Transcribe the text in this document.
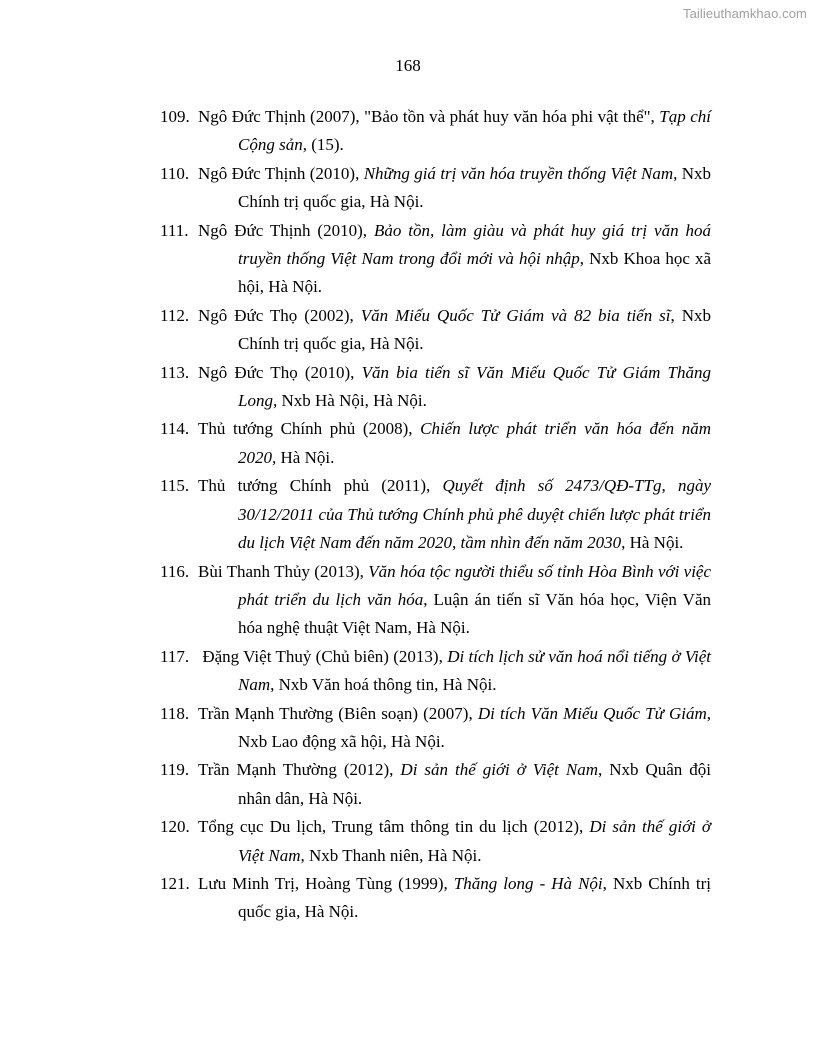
Tailieuthamkhao.com
168
109. Ngô Đức Thịnh (2007), "Bảo tồn và phát huy văn hóa phi vật thể", Tạp chí Cộng sản, (15).
110. Ngô Đức Thịnh (2010), Những giá trị văn hóa truyền thống Việt Nam, Nxb Chính trị quốc gia, Hà Nội.
111. Ngô Đức Thịnh (2010), Bảo tồn, làm giàu và phát huy giá trị văn hoá truyền thống Việt Nam trong đổi mới và hội nhập, Nxb Khoa học xã hội, Hà Nội.
112. Ngô Đức Thọ (2002), Văn Miếu Quốc Tử Giám và 82 bia tiến sĩ, Nxb Chính trị quốc gia, Hà Nội.
113. Ngô Đức Thọ (2010), Văn bia tiến sĩ Văn Miếu Quốc Tử Giám Thăng Long, Nxb Hà Nội, Hà Nội.
114. Thủ tướng Chính phủ (2008), Chiến lược phát triển văn hóa đến năm 2020, Hà Nội.
115. Thủ tướng Chính phủ (2011), Quyết định số 2473/QĐ-TTg, ngày 30/12/2011 của Thủ tướng Chính phủ phê duyệt chiến lược phát triển du lịch Việt Nam đến năm 2020, tầm nhìn đến năm 2030, Hà Nội.
116. Bùi Thanh Thủy (2013), Văn hóa tộc người thiểu số tỉnh Hòa Bình với việc phát triển du lịch văn hóa, Luận án tiến sĩ Văn hóa học, Viện Văn hóa nghệ thuật Việt Nam, Hà Nội.
117. Đặng Việt Thuỷ (Chủ biên) (2013), Di tích lịch sử văn hoá nổi tiếng ở Việt Nam, Nxb Văn hoá thông tin, Hà Nội.
118. Trần Mạnh Thường (Biên soạn) (2007), Di tích Văn Miếu Quốc Tử Giám, Nxb Lao động xã hội, Hà Nội.
119. Trần Mạnh Thường (2012), Di sản thế giới ở Việt Nam, Nxb Quân đội nhân dân, Hà Nội.
120. Tổng cục Du lịch, Trung tâm thông tin du lịch (2012), Di sản thế giới ở Việt Nam, Nxb Thanh niên, Hà Nội.
121. Lưu Minh Trị, Hoàng Tùng (1999), Thăng long - Hà Nội, Nxb Chính trị quốc gia, Hà Nội.
